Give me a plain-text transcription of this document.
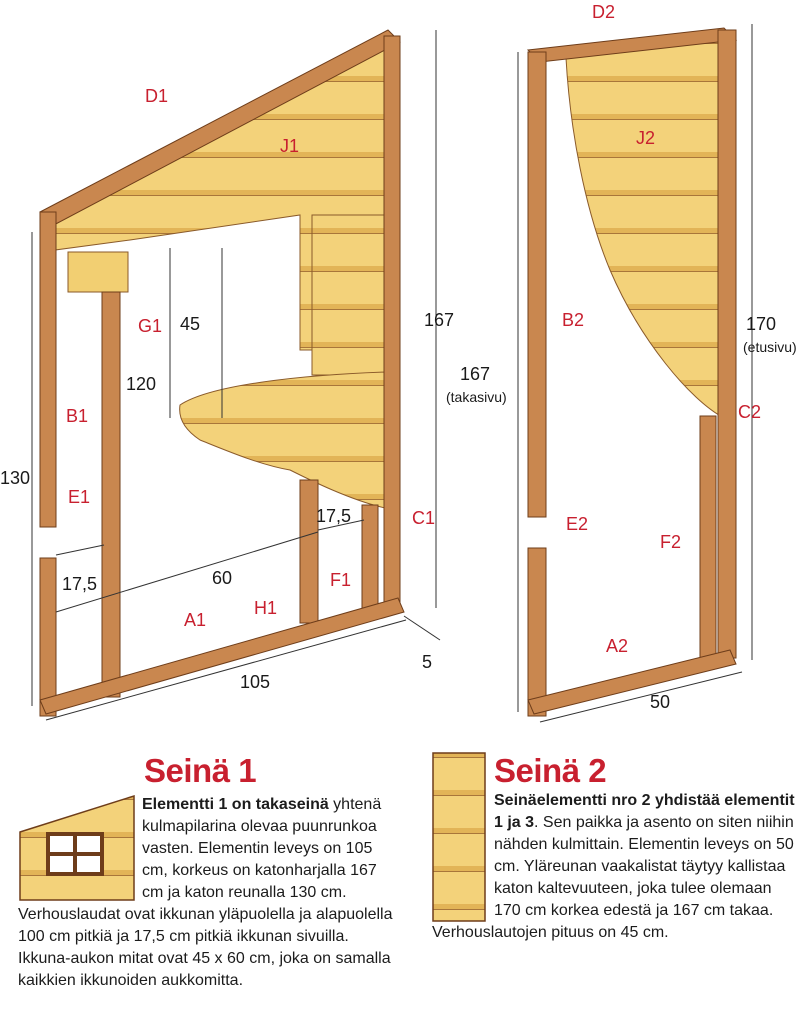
D1
J1
G1
B1
E1
A1
H1
F1
C1
45
120
130
167
17,5
17,5	60
105
5
D2
J2
B2
C2
E2
F2
A2
170
(etusivu)
167
(takasivu)
50
Seinä 1

Elementti 1 on takaseinä yhtenä kulmapilarina olevaa puunrunkoa vasten. Elementin leveys on 105 cm, korkeus on katonharjalla 167 cm ja katon reunalla 130 cm. Verhouslaudat ovat ikkunan yläpuolella ja alapuolella 100 cm pitkiä ja 17,5 cm pitkiä ikkunan sivuilla. Ikkuna-aukon mitat ovat 45 x 60 cm, joka on samalla kaikkien ikkunoiden aukkomitta.

Seinä 2

Seinäelementti nro 2 yhdistää elementit 1 ja 3. Sen paikka ja asento on siten niihin nähden kulmittain. Elementin leveys on 50 cm. Yläreunan vaakalistat täytyy kallistaa katon kaltevuuteen, joka tulee olemaan 170 cm korkea edestä ja 167 cm takaa. Verhouslautojen pituus on 45 cm.
